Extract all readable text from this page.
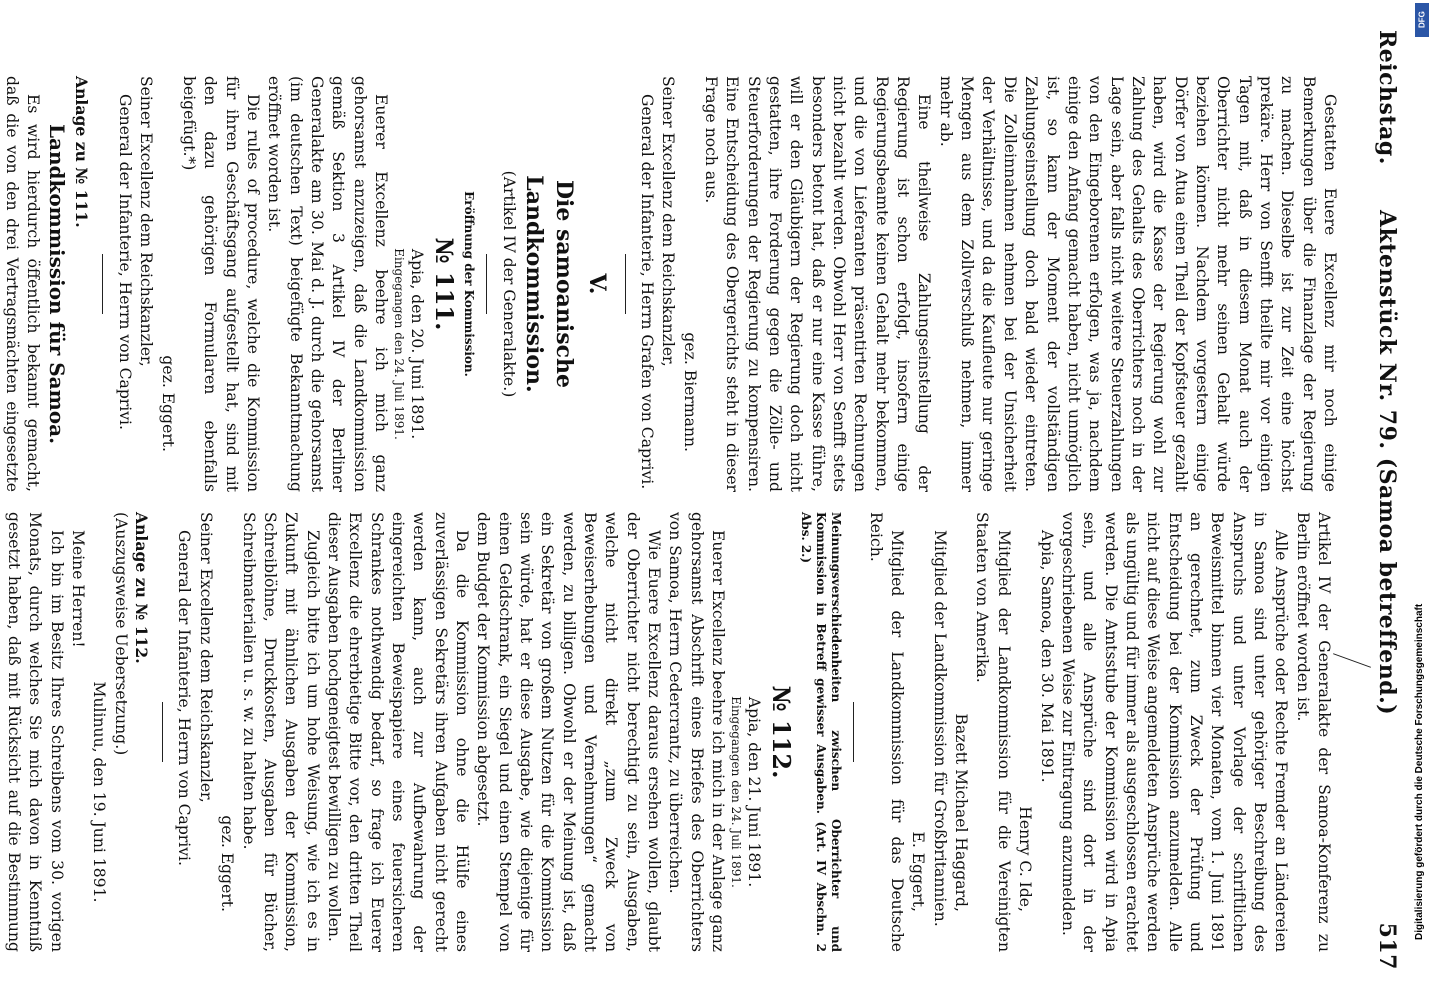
Reichstag.
Aktenstück Nr. 79. (Samoa betreffend.)
517

Gestatten Euere Excellenz mir noch einige Bemerkungen über die Finanzlage der Regierung zu machen. Dieselbe ist zur Zeit eine höchst prekäre. Herr von Senfft theilte mir vor einigen Tagen mit, daß in diesem Monat auch der Oberrichter nicht mehr seinen Gehalt würde beziehen können. Nachdem vorgestern einige Dörfer von Atua einen Theil der Kopfsteuer gezahlt haben, wird die Kasse der Regierung wohl zur Zahlung des Gehalts des Oberrichters noch in der Lage sein, aber falls nicht weitere Steuerzahlungen von den Eingeborenen erfolgen, was ja, nachdem einige den Anfang gemacht haben, nicht unmöglich ist, so kann der Moment der vollständigen Zahlungseinstellung doch bald wieder eintreten. Die Zolleinnahmen nehmen bei der Unsicherheit der Verhältnisse, und da die Kaufleute nur geringe Mengen aus dem Zollverschluß nehmen, immer mehr ab.

Eine theilweise Zahlungseinstellung der Regierung ist schon erfolgt, insofern einige Regierungsbeamte keinen Gehalt mehr bekommen, und die von Lieferanten präsentirten Rechnungen nicht bezahlt werden. Obwohl Herr von Senfft stets besonders betont hat, daß er nur eine Kasse führe, will er den Gläubigern der Regierung doch nicht gestatten, ihre Forderung gegen die Zölle- und Steuerforderungen der Regierung zu kompensiren. Eine Entscheidung des Obergerichts steht in dieser Frage noch aus.

gez. Biermann.

Seiner Excellenz dem Reichskanzler,

General der Infanterie, Herrn Grafen von Caprivi.

V.

Die samoanische Landkommission.

(Artikel IV der Generalakte.)

Eröffnung der Kommission.

№ 111.

Apia, den 20. Juni 1891.

Eingegangen den 24. Juli 1891.

Euerer Excellenz beehre ich mich ganz gehorsamst anzuzeigen, daß die Landkommission gemäß Sektion 3 Artikel IV der Berliner Generalakte am 30. Mai d. J. durch die gehorsamst (im deutschen Text) beigefügte Bekanntmachung eröffnet worden ist.

Die rules of procedure, welche die Kommission für ihren Geschäftsgang aufgestellt hat, sind mit den dazu gehörigen Formularen ebenfalls beigefügt.*)

gez. Eggert.

Seiner Excellenz dem Reichskanzler,

General der Infanterie, Herrn von Caprivi.

Anlage zu № 111.

Landkommission für Samoa.

Es wird hierdurch öffentlich bekannt gemacht, daß die von den drei Vertragsmächten eingesetzte

Artikel IV der Generalakte der Samoa-Konferenz zu Berlin eröffnet worden ist.

Alle Ansprüche oder Rechte Fremder an Ländereien in Samoa sind unter gehöriger Beschreibung des Anspruchs und unter Vorlage der schriftlichen Beweismittel binnen vier Monaten, vom 1. Juni 1891 an gerechnet, zum Zweck der Prüfung und Entscheidung bei der Kommission anzumelden. Alle nicht auf diese Weise angemeldeten Ansprüche werden als ungültig und für immer als ausgeschlossen erachtet werden. Die Amtsstube der Kommission wird in Apia sein, und alle Ansprüche sind dort in der vorgeschriebenen Weise zur Eintragung anzumelden.

Apia, Samoa, den 30. Mai 1891.

Henry C. Ide,

Mitglied der Landkommission für die Vereinigten Staaten von Amerika.

Bazett Michael Haggard,

Mitglied der Landkommission für Großbritannien.

E. Eggert,

Mitglied der Landkommission für das Deutsche Reich.

Meinungsverschiedenheiten zwischen Oberrichter und Kommission in Betreff gewisser Ausgaben. (Art. IV Abschn. 2 Abs. 2.)

№ 112.

Apia, den 21. Juni 1891.

Eingegangen den 24. Juli 1891.

Euerer Excellenz beehre ich mich in der Anlage ganz gehorsamst Abschrift eines Briefes des Oberrichters von Samoa, Herrn Cedercrantz, zu überreichen.

Wie Euere Excellenz daraus ersehen wollen, glaubt der Oberrichter nicht berechtigt zu sein, Ausgaben, welche nicht direkt „zum Zweck von Beweiserhebungen und Vernehmungen“ gemacht werden, zu billigen. Obwohl er der Meinung ist, daß ein Sekretär von großem Nutzen für die Kommission sein würde, hat er diese Ausgabe, wie diejenige für einen Geldschrank, ein Siegel und einen Stempel von dem Budget der Kommission abgesetzt.

Da die Kommission ohne die Hülfe eines zuverlässigen Sekretärs ihren Aufgaben nicht gerecht werden kann, auch zur Aufbewahrung der eingereichten Beweispapiere eines feuersicheren Schrankes nothwendig bedarf, so frage ich Euerer Excellenz die ehrerbietige Bitte vor, den dritten Theil dieser Ausgaben hochgeneigtest bewilligen zu wollen.

Zugleich bitte ich um hohe Weisung, wie ich es in Zukunft mit ähnlichen Ausgaben der Kommission, Schreiblöhne, Druckkosten, Ausgaben für Bücher, Schreibmaterialien u. s. w. zu halten habe.

gez. Eggert.

Seiner Excellenz dem Reichskanzler,

General der Infanterie, Herrn von Caprivi.

Anlage zu № 112.

(Auszugsweise Uebersetzung.)

Mulinuu, den 19. Juni 1891.

Meine Herren!

Ich bin im Besitz Ihres Schreibens vom 30. vorigen Monats, durch welches Sie mich davon in Kenntniß gesetzt haben, daß mit Rücksicht auf die Bestimmung

DFG
Digitalisierung gefördert durch die Deutsche Forschungsgemeinschaft
